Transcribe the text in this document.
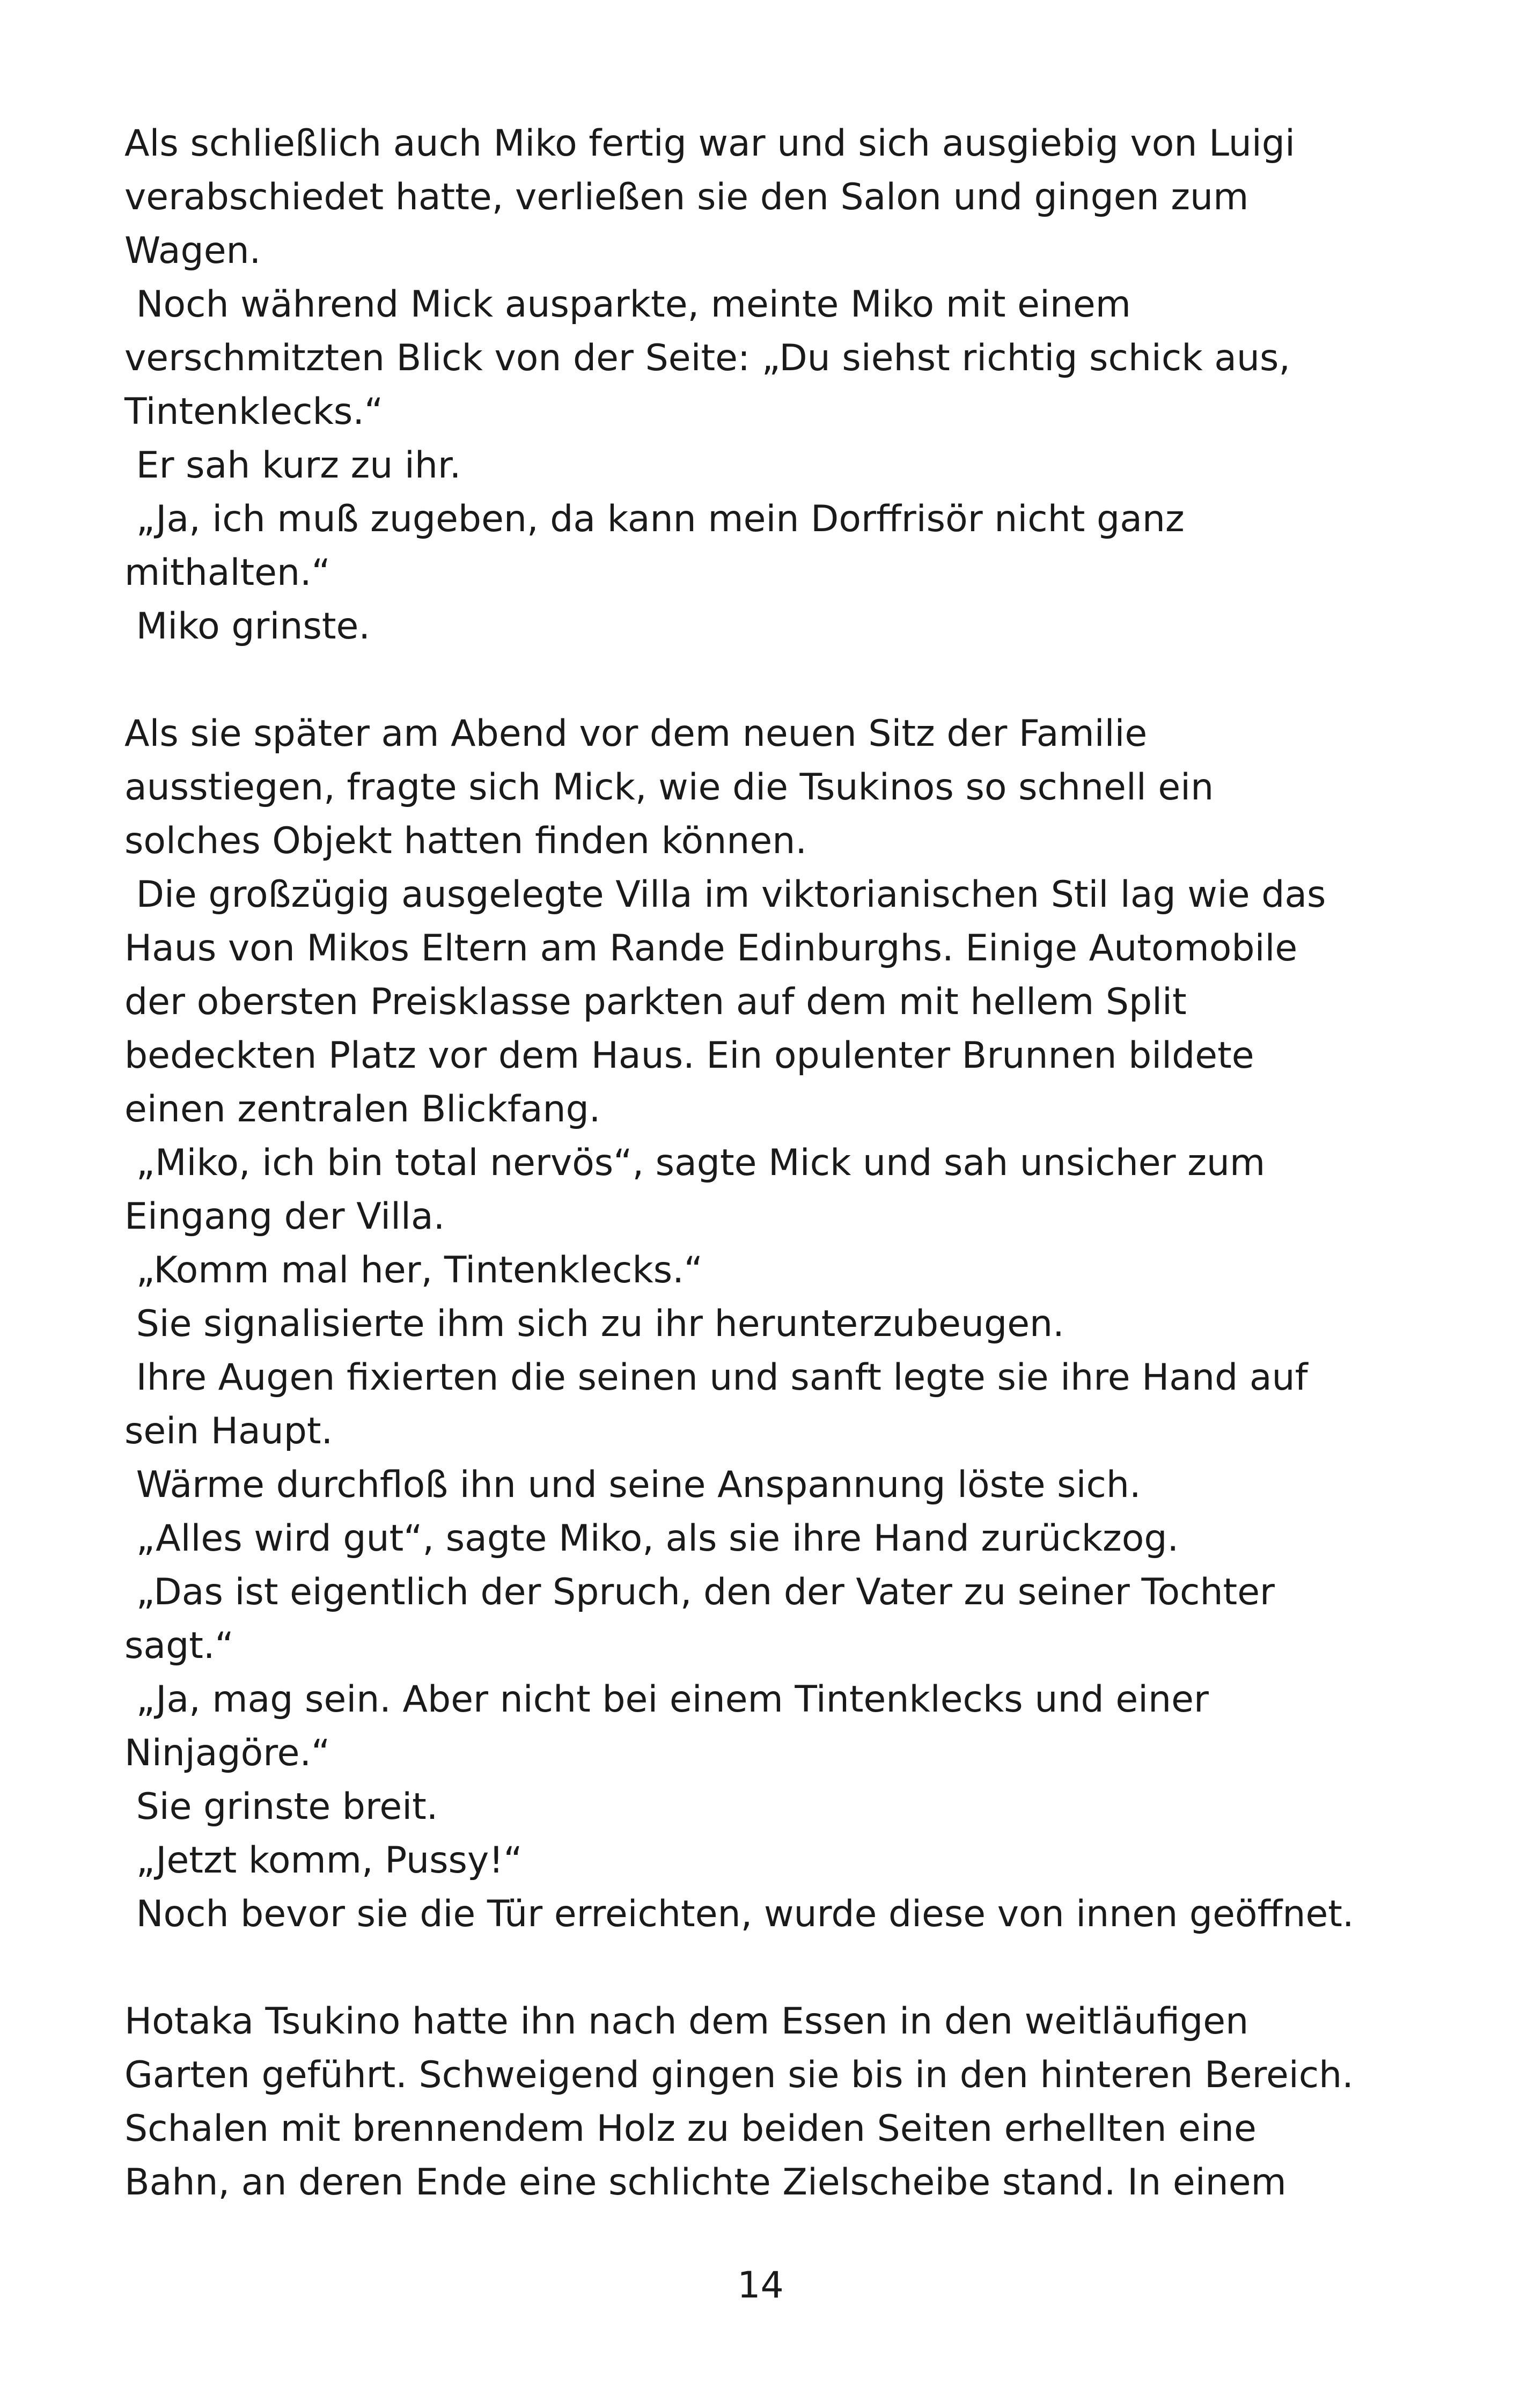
Als schließlich auch Miko fertig war und sich ausgiebig von Luigi
verabschiedet hatte, verließen sie den Salon und gingen zum
Wagen.
Noch während Mick ausparkte, meinte Miko mit einem
verschmitzten Blick von der Seite: „Du siehst richtig schick aus,
Tintenklecks.“
Er sah kurz zu ihr.
„Ja, ich muß zugeben, da kann mein Dorffrisör nicht ganz
mithalten.“
Miko grinste.
Als sie später am Abend vor dem neuen Sitz der Familie
ausstiegen, fragte sich Mick, wie die Tsukinos so schnell ein
solches Objekt hatten finden können.
Die großzügig ausgelegte Villa im viktorianischen Stil lag wie das
Haus von Mikos Eltern am Rande Edinburghs. Einige Automobile
der obersten Preisklasse parkten auf dem mit hellem Split
bedeckten Platz vor dem Haus. Ein opulenter Brunnen bildete
einen zentralen Blickfang.
„Miko, ich bin total nervös“, sagte Mick und sah unsicher zum
Eingang der Villa.
„Komm mal her, Tintenklecks.“
Sie signalisierte ihm sich zu ihr herunterzubeugen.
Ihre Augen fixierten die seinen und sanft legte sie ihre Hand auf
sein Haupt.
Wärme durchfloß ihn und seine Anspannung löste sich.
„Alles wird gut“, sagte Miko, als sie ihre Hand zurückzog.
„Das ist eigentlich der Spruch, den der Vater zu seiner Tochter
sagt.“
„Ja, mag sein. Aber nicht bei einem Tintenklecks und einer
Ninjagöre.“
Sie grinste breit.
„Jetzt komm, Pussy!“
Noch bevor sie die Tür erreichten, wurde diese von innen geöffnet.
Hotaka Tsukino hatte ihn nach dem Essen in den weitläufigen
Garten geführt. Schweigend gingen sie bis in den hinteren Bereich.
Schalen mit brennendem Holz zu beiden Seiten erhellten eine
Bahn, an deren Ende eine schlichte Zielscheibe stand. In einem
14
